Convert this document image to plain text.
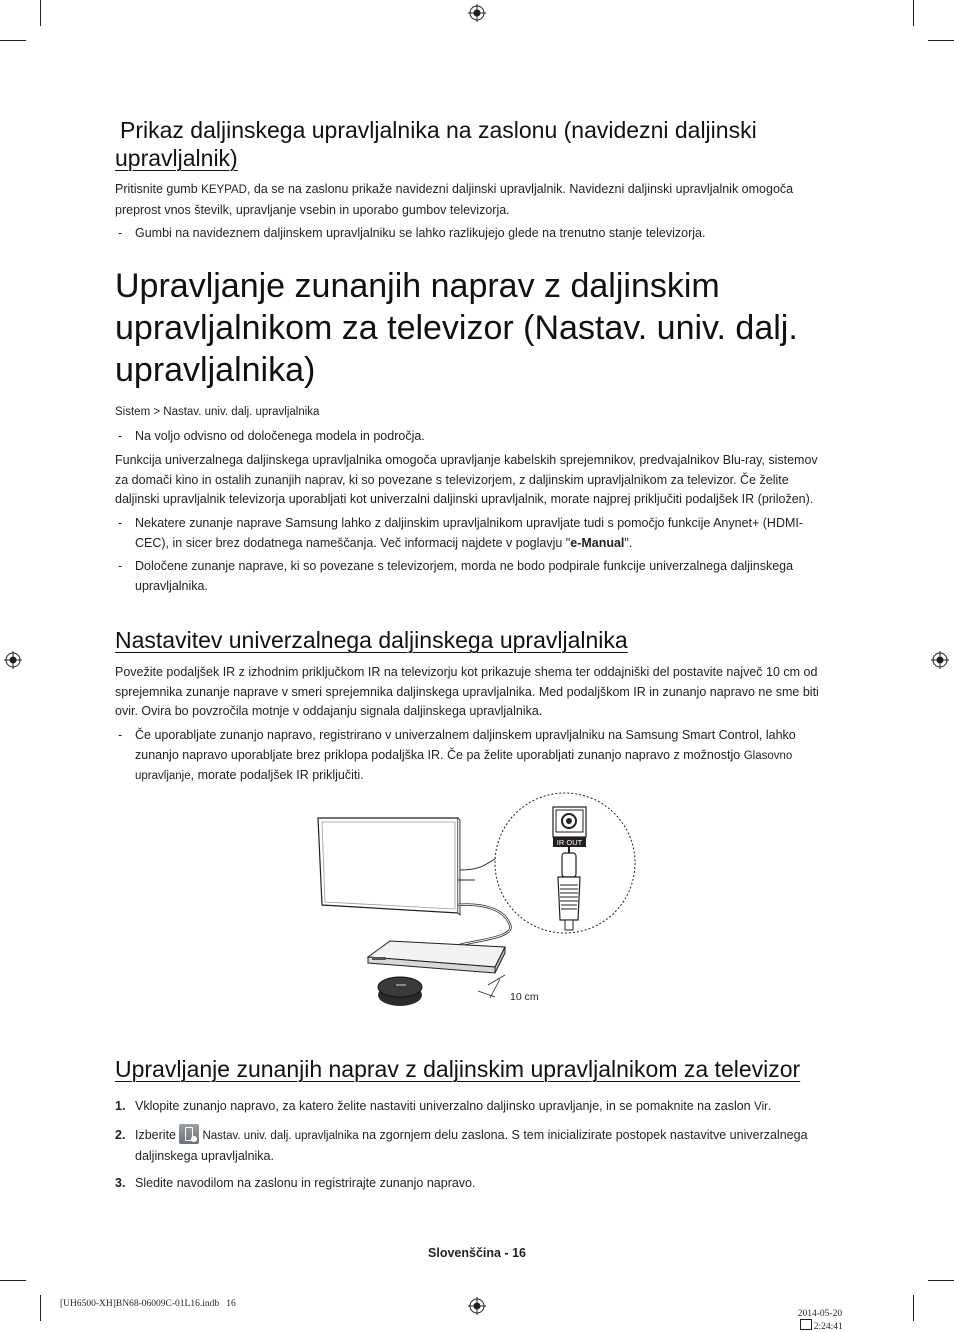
Prikaz daljinskega upravljalnika na zaslonu (navidezni daljinski
upravljalnik)
Pritisnite gumb KEYPAD, da se na zaslonu prikaže navidezni daljinski upravljalnik. Navidezni daljinski upravljalnik omogoča
preprost vnos številk, upravljanje vsebin in uporabo gumbov televizorja.
- Gumbi na navideznem daljinskem upravljalniku se lahko razlikujejo glede na trenutno stanje televizorja.
Upravljanje zunanjih naprav z daljinskim
upravljalnikom za televizor (Nastav. univ. dalj.
upravljalnika)
Sistem > Nastav. univ. dalj. upravljalnika
- Na voljo odvisno od določenega modela in področja.
Funkcija univerzalnega daljinskega upravljalnika omogoča upravljanje kabelskih sprejemnikov, predvajalnikov Blu-ray, sistemov
za domači kino in ostalih zunanjih naprav, ki so povezane s televizorjem, z daljinskim upravljalnikom za televizor. Če želite
daljinski upravljalnik televizorja uporabljati kot univerzalni daljinski upravljalnik, morate najprej priključiti podaljšek IR (priložen).
- Nekatere zunanje naprave Samsung lahko z daljinskim upravljalnikom upravljate tudi s pomočjo funkcije Anynet+ (HDMI-
CEC), in sicer brez dodatnega nameščanja. Več informacij najdete v poglavju "e-Manual".
- Določene zunanje naprave, ki so povezane s televizorjem, morda ne bodo podpirale funkcije univerzalnega daljinskega
upravljalnika.
Nastavitev univerzalnega daljinskega upravljalnika
Povežite podaljšek IR z izhodnim priključkom IR na televizorju kot prikazuje shema ter oddajniški del postavite največ 10 cm od
sprejemnika zunanje naprave v smeri sprejemnika daljinskega upravljalnika. Med podaljškom IR in zunanjo napravo ne sme biti
ovir. Ovira bo povzročila motnje v oddajanju signala daljinskega upravljalnika.
- Če uporabljate zunanjo napravo, registrirano v univerzalnem daljinskem upravljalniku na Samsung Smart Control, lahko
zunanjo napravo uporabljate brez priklopa podaljška IR. Če pa želite uporabljati zunanjo napravo z možnostjo Glasovno
upravljanje, morate podaljšek IR priključiti.
10 cm
IR OUT
Upravljanje zunanjih naprav z daljinskim upravljalnikom za televizor
1. Vklopite zunanjo napravo, za katero želite nastaviti univerzalno daljinsko upravljanje, in se pomaknite na zaslon Vir.
2. Izberite
Nastav. univ. dalj. upravljalnika na zgornjem delu zaslona. S tem inicializirate postopek nastavitve univerzalnega
daljinskega upravljalnika.
3. Sledite navodilom na zaslonu in registrirajte zunanjo napravo.
Slovenščina - 16
[UH6500-XH]BN68-06009C-01L16.indb   16

2014-05-20
2:24:41
